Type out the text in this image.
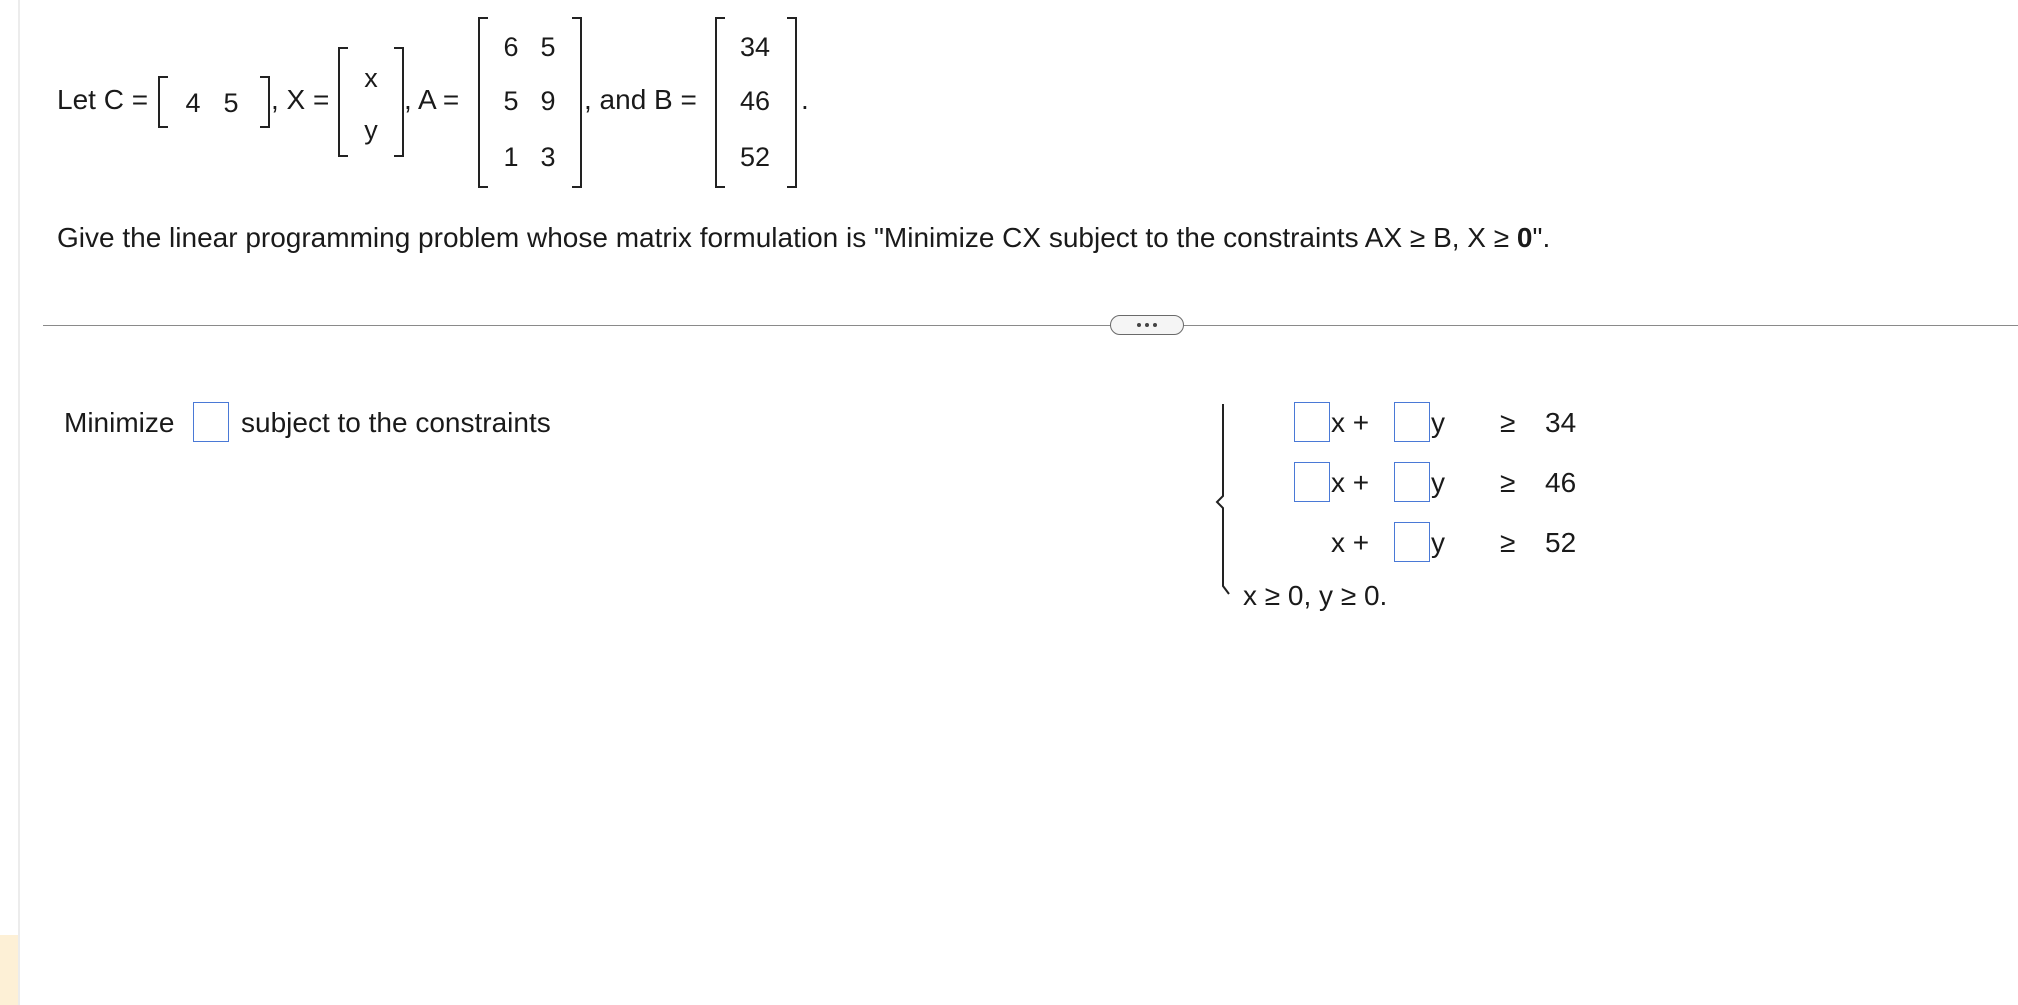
Let C = 4 5 , X =
x
y
, A =
6 5
5 9
1 3
, and B =
34
46
52
.
Give the linear programming problem whose matrix formulation is "Minimize CX subject to the constraints AX ≥ B, X ≥ 0".
Minimize subject to the constraints	x + y ≥ 34
x + y ≥ 46
x + y ≥ 52
x ≥ 0, y ≥ 0.
